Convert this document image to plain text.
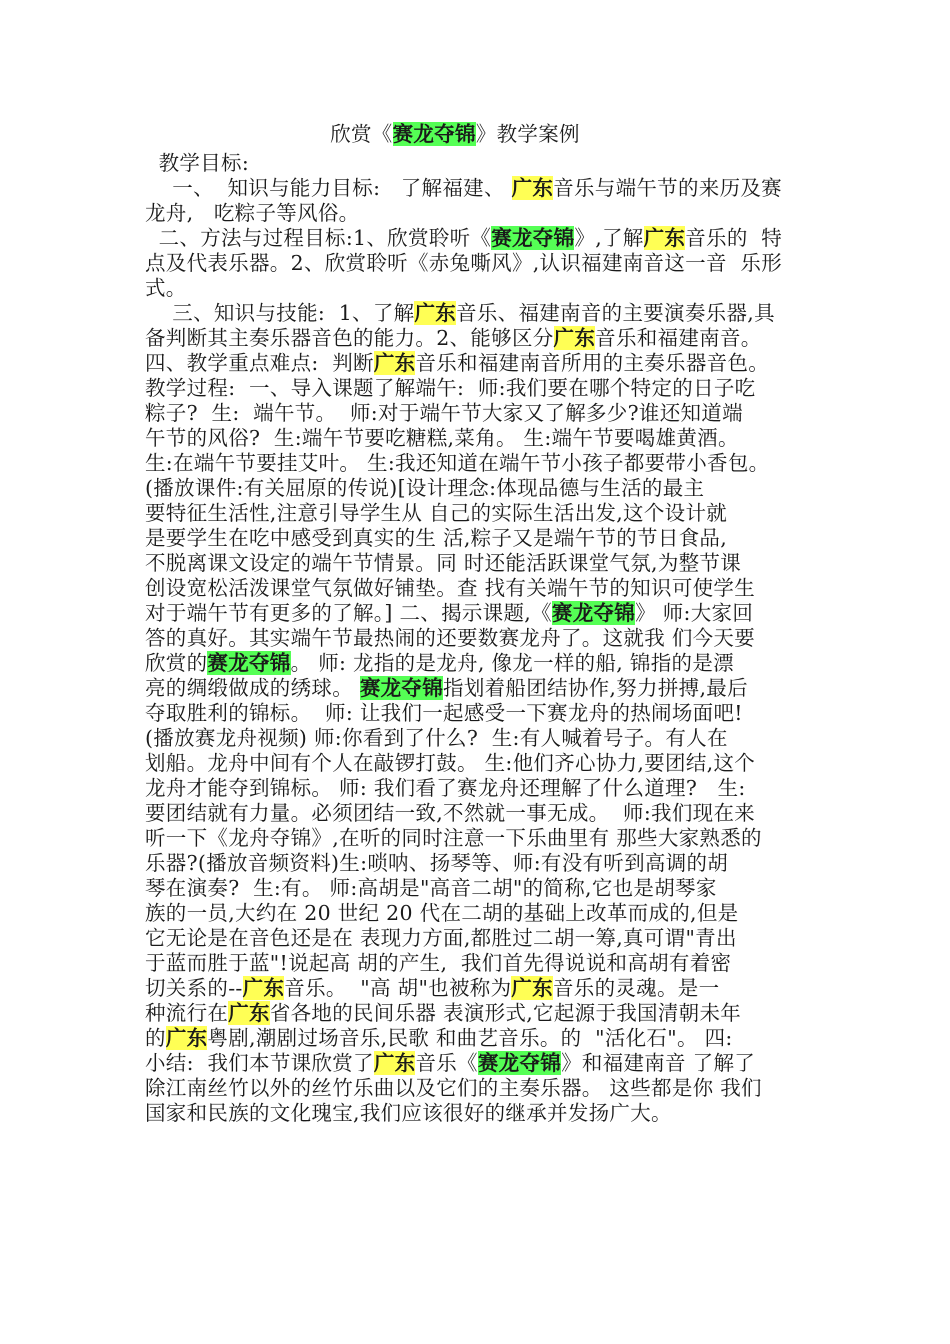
欣赏《赛龙夺锦》教学案例
教学目标:
一、  知识与能力目标:   了解福建、 广东音乐与端午节的来历及赛
龙舟,   吃粽子等风俗。
二、方法与过程目标:1、欣赏聆听《赛龙夺锦》,了解广东音乐的  特
点及代表乐器。2、欣赏聆听《赤兔嘶风》,认识福建南音这一音  乐形
式。
三、知识与技能:  1、了解广东音乐、福建南音的主要演奏乐器,具
备判断其主奏乐器音色的能力。2、能够区分广东音乐和福建南音。
四、教学重点难点:  判断广东音乐和福建南音所用的主奏乐器音色。
教学过程:  一、导入课题了解端午:  师:我们要在哪个特定的日子吃
粽子?  生:  端午节。  师:对于端午节大家又了解多少?谁还知道端
午节的风俗?  生:端午节要吃糖糕,菜角。 生:端午节要喝雄黄酒。
生:在端午节要挂艾叶。 生:我还知道在端午节小孩子都要带小香包。
(播放课件:有关屈原的传说)[设计理念:体现品德与生活的最主
要特征生活性,注意引导学生从 自己的实际生活出发,这个设计就
是要学生在吃中感受到真实的生 活,粽子又是端午节的节日食品,
不脱离课文设定的端午节情景。同 时还能活跃课堂气氛,为整节课
创设宽松活泼课堂气氛做好铺垫。查 找有关端午节的知识可使学生
对于端午节有更多的了解。] 二、揭示课题,《赛龙夺锦》 师:大家回
答的真好。其实端午节最热闹的还要数赛龙舟了。这就我 们今天要
欣赏的赛龙夺锦。 师: 龙指的是龙舟, 像龙一样的船, 锦指的是漂
亮的绸缎做成的绣球。 赛龙夺锦指划着船团结协作,努力拼搏,最后
夺取胜利的锦标。  师: 让我们一起感受一下赛龙舟的热闹场面吧!
(播放赛龙舟视频) 师:你看到了什么?  生:有人喊着号子。有人在
划船。龙舟中间有个人在敲锣打鼓。 生:他们齐心协力,要团结,这个
龙舟才能夺到锦标。 师: 我们看了赛龙舟还理解了什么道理?   生:
要团结就有力量。必须团结一致,不然就一事无成。  师:我们现在来
听一下《龙舟夺锦》,在听的同时注意一下乐曲里有 那些大家熟悉的
乐器?(播放音频资料)生:唢呐、扬琴等、师:有没有听到高调的胡
琴在演奏?  生:有。 师:高胡是"高音二胡"的简称,它也是胡琴家
族的一员,大约在 20 世纪 20 代在二胡的基础上改革而成的,但是
它无论是在音色还是在 表现力方面,都胜过二胡一筹,真可谓"青出
于蓝而胜于蓝"!说起高 胡的产生,  我们首先得说说和高胡有着密
切关系的--广东音乐。  "高 胡"也被称为广东音乐的灵魂。是一
种流行在广东省各地的民间乐器 表演形式,它起源于我国清朝未年
的广东粤剧,潮剧过场音乐,民歌 和曲艺音乐。的  "活化石"。 四:
小结:  我们本节课欣赏了广东音乐《赛龙夺锦》和福建南音 了解了
除江南丝竹以外的丝竹乐曲以及它们的主奏乐器。 这些都是你 我们
国家和民族的文化瑰宝,我们应该很好的继承并发扬广大。
